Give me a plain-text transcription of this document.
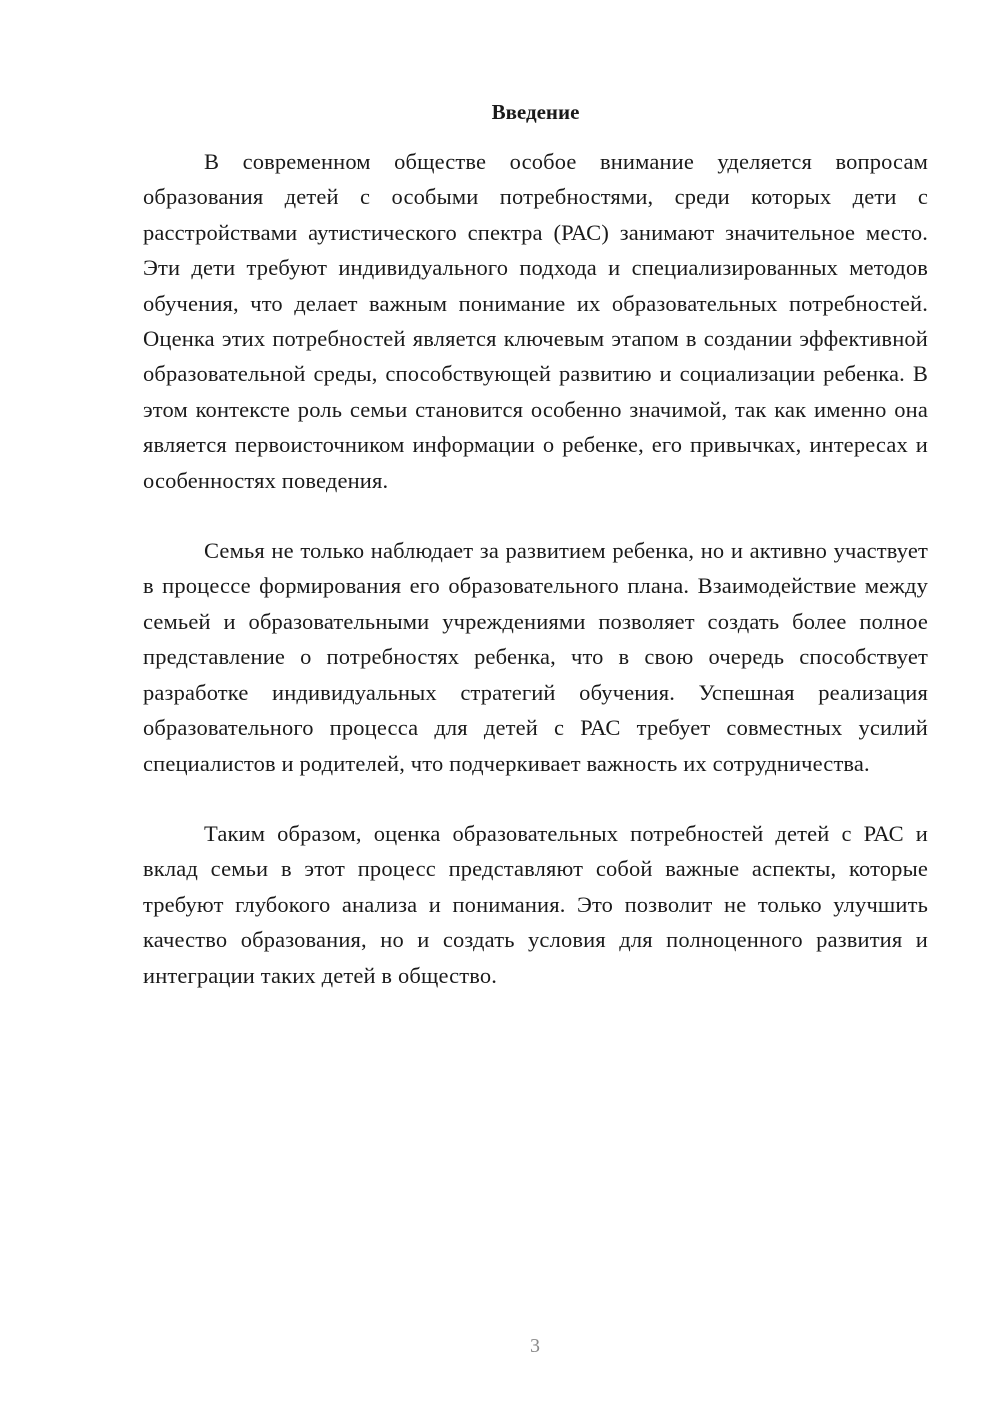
Введение

В современном обществе особое внимание уделяется вопросам образования детей с особыми потребностями, среди которых дети с расстройствами аутистического спектра (РАС) занимают значительное место. Эти дети требуют индивидуального подхода и специализированных методов обучения, что делает важным понимание их образовательных потребностей. Оценка этих потребностей является ключевым этапом в создании эффективной образовательной среды, способствующей развитию и социализации ребенка. В этом контексте роль семьи становится особенно значимой, так как именно она является первоисточником информации о ребенке, его привычках, интересах и особенностях поведения.

Семья не только наблюдает за развитием ребенка, но и активно участвует в процессе формирования его образовательного плана. Взаимодействие между семьей и образовательными учреждениями позволяет создать более полное представление о потребностях ребенка, что в свою очередь способствует разработке индивидуальных стратегий обучения. Успешная реализация образовательного процесса для детей с РАС требует совместных усилий специалистов и родителей, что подчеркивает важность их сотрудничества.

Таким образом, оценка образовательных потребностей детей с РАС и вклад семьи в этот процесс представляют собой важные аспекты, которые требуют глубокого анализа и понимания. Это позволит не только улучшить качество образования, но и создать условия для полноценного развития и интеграции таких детей в общество.

3
